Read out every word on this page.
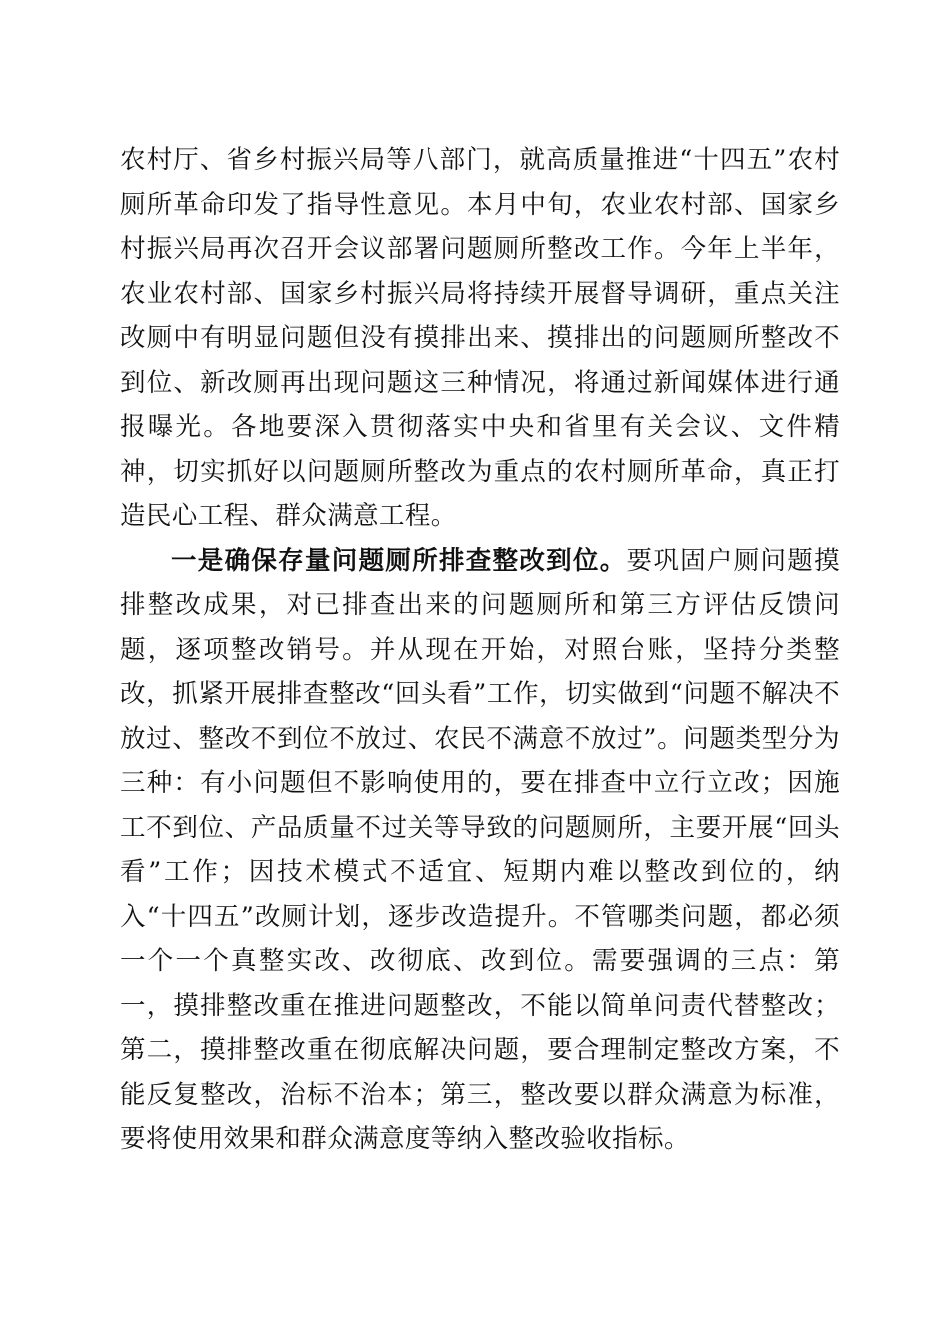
农村厅、省乡村振兴局等八部门，就高质量推进“十四五”农村厕所革命印发了指导性意见。本月中旬，农业农村部、国家乡村振兴局再次召开会议部署问题厕所整改工作。今年上半年，农业农村部、国家乡村振兴局将持续开展督导调研，重点关注改厕中有明显问题但没有摸排出来、摸排出的问题厕所整改不到位、新改厕再出现问题这三种情况，将通过新闻媒体进行通报曝光。各地要深入贯彻落实中央和省里有关会议、文件精神，切实抓好以问题厕所整改为重点的农村厕所革命，真正打造民心工程、群众满意工程。

一是确保存量问题厕所排查整改到位。要巩固户厕问题摸排整改成果，对已排查出来的问题厕所和第三方评估反馈问题，逐项整改销号。并从现在开始，对照台账，坚持分类整改，抓紧开展排查整改“回头看”工作，切实做到“问题不解决不放过、整改不到位不放过、农民不满意不放过”。问题类型分为三种：有小问题但不影响使用的，要在排查中立行立改；因施工不到位、产品质量不过关等导致的问题厕所，主要开展“回头看”工作；因技术模式不适宜、短期内难以整改到位的，纳入“十四五”改厕计划，逐步改造提升。不管哪类问题，都必须一个一个真整实改、改彻底、改到位。需要强调的三点：第一，摸排整改重在推进问题整改，不能以简单问责代替整改；第二，摸排整改重在彻底解决问题，要合理制定整改方案，不能反复整改，治标不治本；第三，整改要以群众满意为标准，要将使用效果和群众满意度等纳入整改验收指标。
